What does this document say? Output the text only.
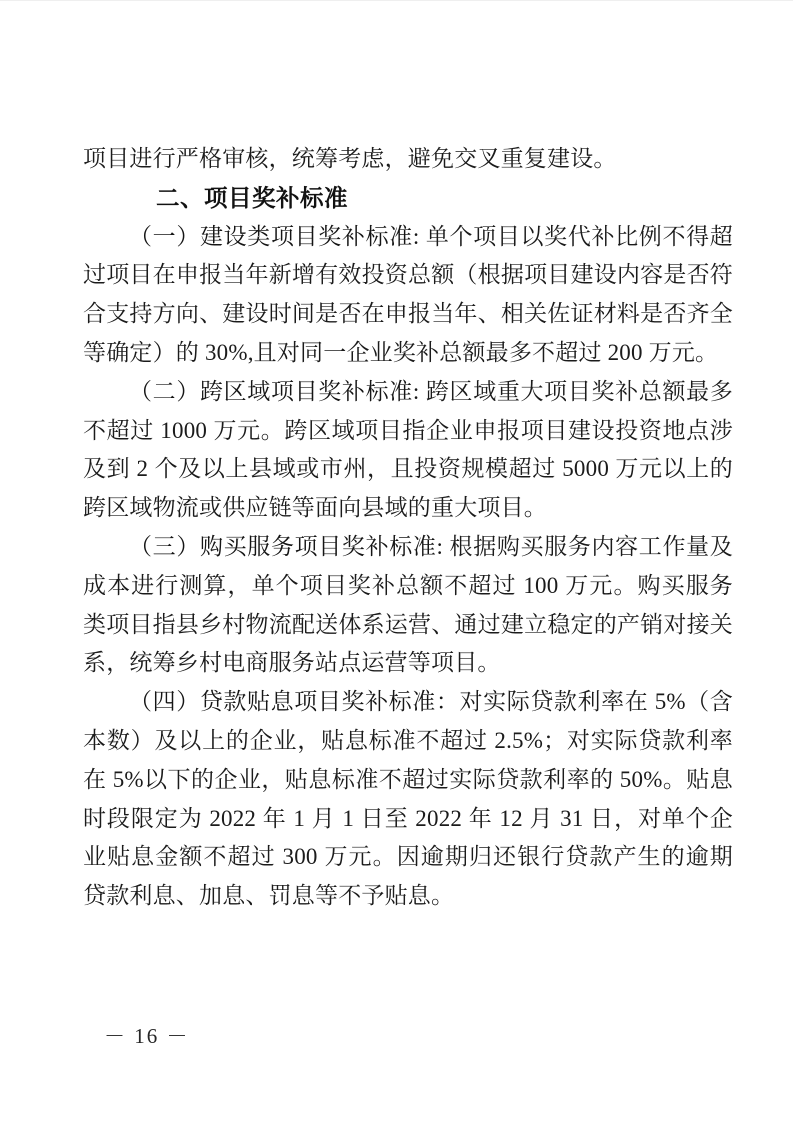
项目进行严格审核，统筹考虑，避免交叉重复建设。

二、项目奖补标准

（一）建设类项目奖补标准: 单个项目以奖代补比例不得超过项目在申报当年新增有效投资总额（根据项目建设内容是否符合支持方向、建设时间是否在申报当年、相关佐证材料是否齐全等确定）的 30%,且对同一企业奖补总额最多不超过 200 万元。

（二）跨区域项目奖补标准: 跨区域重大项目奖补总额最多不超过 1000 万元。跨区域项目指企业申报项目建设投资地点涉及到 2 个及以上县域或市州，且投资规模超过 5000 万元以上的跨区域物流或供应链等面向县域的重大项目。

（三）购买服务项目奖补标准: 根据购买服务内容工作量及成本进行测算，单个项目奖补总额不超过 100 万元。购买服务类项目指县乡村物流配送体系运营、通过建立稳定的产销对接关系，统筹乡村电商服务站点运营等项目。

（四）贷款贴息项目奖补标准：对实际贷款利率在 5%（含本数）及以上的企业，贴息标准不超过 2.5%；对实际贷款利率在 5%以下的企业，贴息标准不超过实际贷款利率的 50%。贴息时段限定为 2022 年 1 月 1 日至 2022 年 12 月 31 日，对单个企业贴息金额不超过 300 万元。因逾期归还银行贷款产生的逾期贷款利息、加息、罚息等不予贴息。

－ 16 －
